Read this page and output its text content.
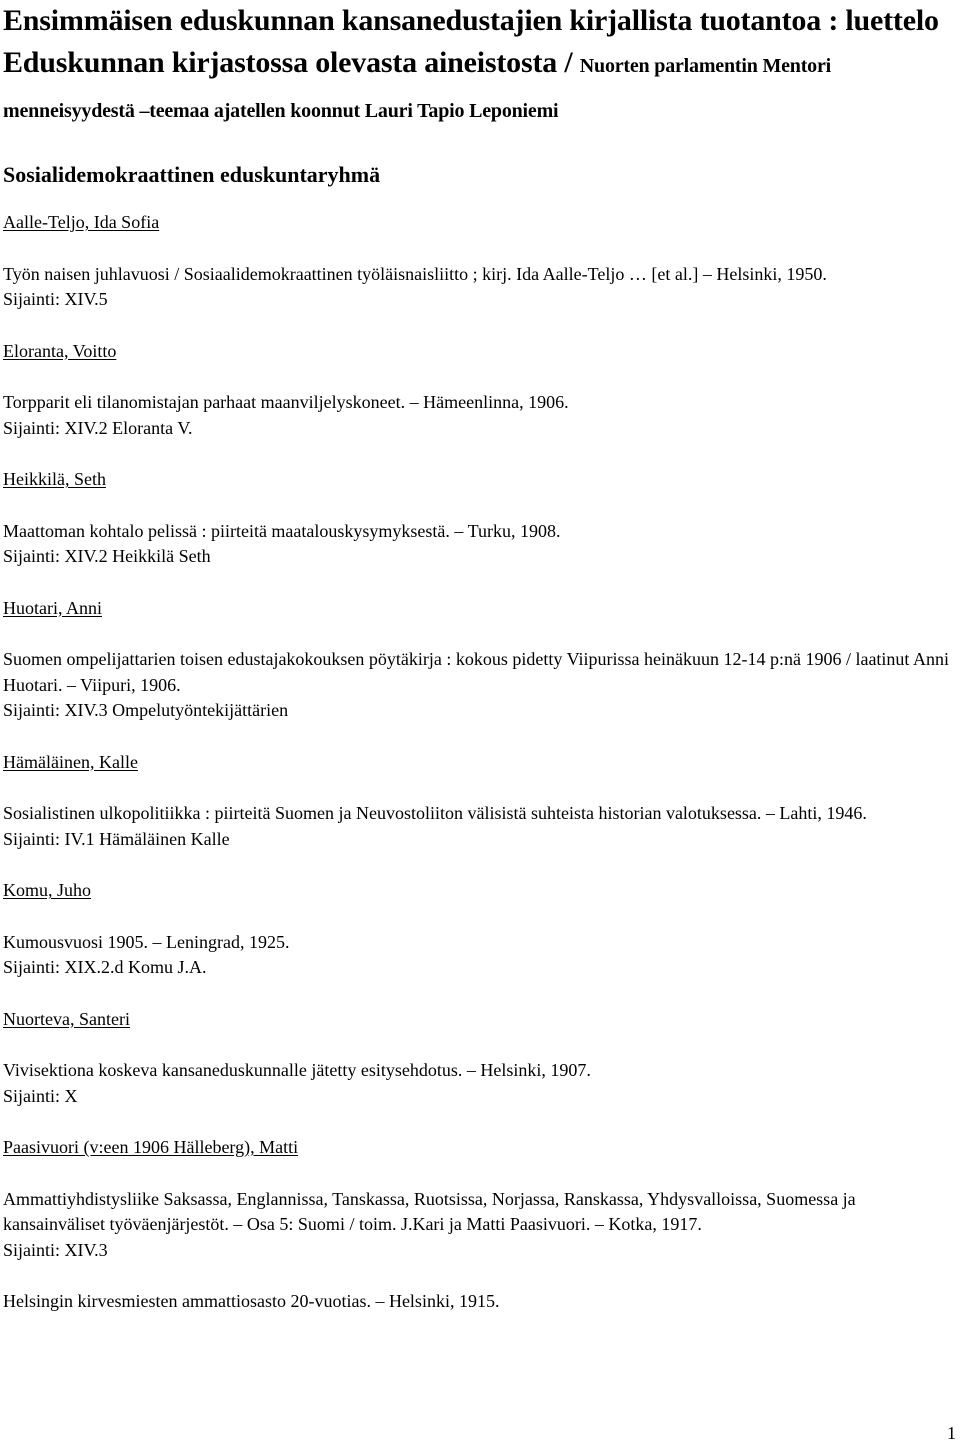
Ensimmäisen eduskunnan kansanedustajien kirjallista tuotantoa : luettelo Eduskunnan kirjastossa olevasta aineistosta / Nuorten parlamentin Mentori menneisyydestä –teemaa ajatellen koonnut Lauri Tapio Leponiemi
Sosialidemokraattinen eduskuntaryhmä
Aalle-Teljo, Ida Sofia

Työn naisen juhlavuosi / Sosiaalidemokraattinen työläisnaisliitto ; kirj. Ida Aalle-Teljo … [et al.] – Helsinki, 1950.

Sijainti: XIV.5

Eloranta, Voitto

Torpparit eli tilanomistajan parhaat maanviljelyskoneet. – Hämeenlinna, 1906.

Sijainti: XIV.2 Eloranta V.

Heikkilä, Seth

Maattoman kohtalo pelissä : piirteitä maatalouskysymyksestä. – Turku, 1908.

Sijainti: XIV.2 Heikkilä Seth

Huotari, Anni

Suomen ompelijattarien toisen edustajakokouksen pöytäkirja : kokous pidetty Viipurissa heinäkuun 12-14 p:nä 1906 / laatinut Anni Huotari. – Viipuri, 1906.

Sijainti: XIV.3 Ompelutyöntekijättärien

Hämäläinen, Kalle

Sosialistinen ulkopolitiikka : piirteitä Suomen ja Neuvostoliiton välisistä suhteista historian valotuksessa. – Lahti, 1946.

Sijainti: IV.1 Hämäläinen Kalle

Komu, Juho

Kumousvuosi 1905. – Leningrad, 1925.

Sijainti: XIX.2.d Komu J.A.

Nuorteva, Santeri

Vivisektiona koskeva kansaneduskunnalle jätetty esitysehdotus. – Helsinki, 1907.

Sijainti: X

Paasivuori (v:een 1906 Hälleberg), Matti

Ammattiyhdistysliike Saksassa, Englannissa, Tanskassa, Ruotsissa, Norjassa, Ranskassa, Yhdysvalloissa, Suomessa ja kansainväliset työväenjärjestöt. – Osa 5: Suomi / toim. J.Kari ja Matti Paasivuori. – Kotka, 1917.

Sijainti: XIV.3

Helsingin kirvesmiesten ammattiosasto 20-vuotias. – Helsinki, 1915.

1
